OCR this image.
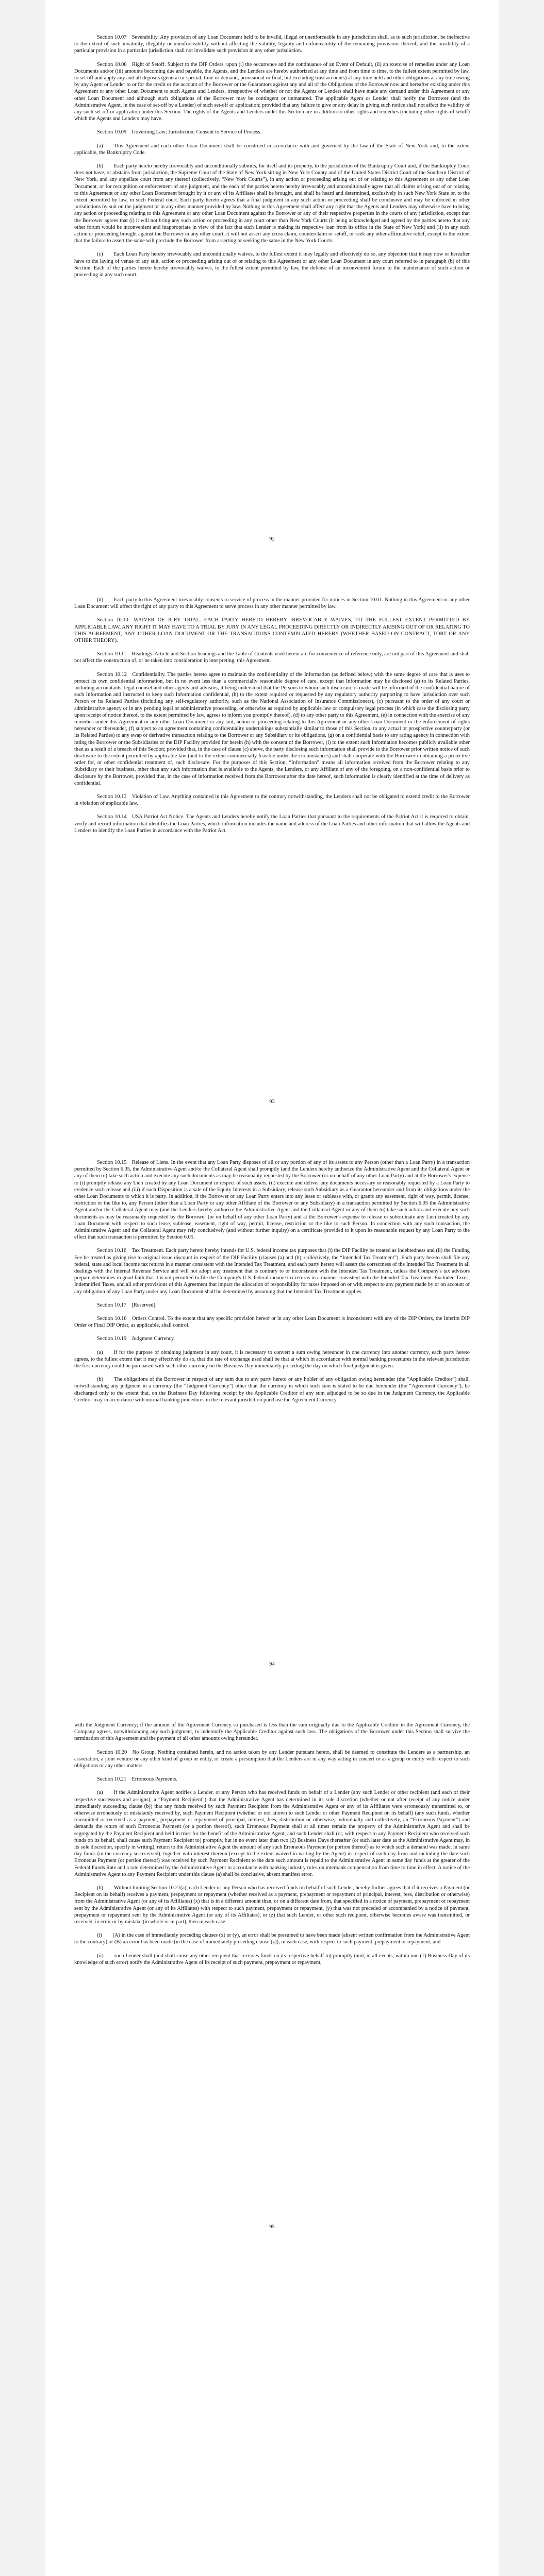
Section 10.07 Severability. Any provision of any Loan Document held to be invalid, illegal or unenforceable in any jurisdiction shall, as to such jurisdiction, be ineffective to the extent of such invalidity, illegality or unenforceability without affecting the validity, legality and enforceability of the remaining provisions thereof; and the invalidity of a particular provision in a particular jurisdiction shall not invalidate such provision in any other jurisdiction.

Section 10.08 Right of Setoff. Subject to the DIP Orders, upon (i) the occurrence and the continuance of an Event of Default, (ii) an exercise of remedies under any Loan Documents and/or (iii) amounts becoming due and payable, the Agents, and the Lenders are hereby authorized at any time and from time to time, to the fullest extent permitted by law, to set off and apply any and all deposits (general or special, time or demand, provisional or final, but excluding trust accounts) at any time held and other obligations at any time owing by any Agent or Lender to or for the credit or the account of the Borrower or the Guarantors against any and all of the Obligations of the Borrower now and hereafter existing under this Agreement or any other Loan Document to such Agents and Lenders, irrespective of whether or not the Agents or Lenders shall have made any demand under this Agreement or any other Loan Document and although such obligations of the Borrower may be contingent or unmatured. The applicable Agent or Lender shall notify the Borrower (and the Administrative Agent, in the case of set-off by a Lender) of such set-off or application; provided that any failure to give or any delay in giving such notice shall not affect the validity of any such set-off or application under this Section. The rights of the Agents and Lenders under this Section are in addition to other rights and remedies (including other rights of setoff) which the Agents and Lenders may have.

Section 10.09 Governing Law; Jurisdiction; Consent to Service of Process.

(a)  This Agreement and each other Loan Document shall be construed in accordance with and governed by the law of the State of New York and, to the extent applicable, the Bankruptcy Code.

(b)  Each party hereto hereby irrevocably and unconditionally submits, for itself and its property, to the jurisdiction of the Bankruptcy Court and, if the Bankruptcy Court does not have, or abstains from jurisdiction, the Supreme Court of the State of New York sitting in New York County and of the United States District Court of the Southern District of New York, and any appellate court from any thereof (collectively, “New York Courts”), in any action or proceeding arising out of or relating to this Agreement or any other Loan Document, or for recognition or enforcement of any judgment, and the each of the parties hereto hereby irrevocably and unconditionally agree that all claims arising out of or relating to this Agreement or any other Loan Document brought by it or any of its Affiliates shall be brought, and shall be heard and determined, exclusively in such New York State or, to the extent permitted by law, in such Federal court. Each party hereto agrees that a final judgment in any such action or proceeding shall be conclusive and may be enforced in other jurisdictions by suit on the judgment or in any other manner provided by law. Nothing in this Agreement shall affect any right that the Agents and Lenders may otherwise have to bring any action or proceeding relating to this Agreement or any other Loan Document against the Borrower or any of their respective properties in the courts of any jurisdiction, except that the Borrower agrees that (i) it will not bring any such action or proceeding in any court other than New York Courts (it being acknowledged and agreed by the parties hereto that any other forum would be inconvenient and inappropriate in view of the fact that such Lender is making its respective loan from its office in the State of New York) and (ii) in any such action or proceeding brought against the Borrower in any other court, it will not assert any cross claim, counterclaim or setoff, or seek any other affirmative relief, except to the extent that the failure to assert the same will preclude the Borrower from asserting or seeking the same in the New York Courts.

(c)  Each Loan Party hereby irrevocably and unconditionally waives, to the fullest extent it may legally and effectively do so, any objection that it may now or hereafter have to the laying of venue of any suit, action or proceeding arising out of or relating to this Agreement or any other Loan Document in any court referred to in paragraph (b) of this Section. Each of the parties hereto hereby irrevocably waives, to the fullest extent permitted by law, the defense of an inconvenient forum to the maintenance of such action or proceeding in any such court.

92

(d)  Each party to this Agreement irrevocably consents to service of process in the manner provided for notices in Section 10.01. Nothing in this Agreement or any other Loan Document will affect the right of any party to this Agreement to serve process in any other manner permitted by law.

Section 10.10 WAIVER OF JURY TRIAL. EACH PARTY HERETO HEREBY IRREVOCABLY WAIVES, TO THE FULLEST EXTENT PERMITTED BY APPLICABLE LAW, ANY RIGHT IT MAY HAVE TO A TRIAL BY JURY IN ANY LEGAL PROCEEDING DIRECTLY OR INDIRECTLY ARISING OUT OF OR RELATING TO THIS AGREEMENT, ANY OTHER LOAN DOCUMENT OR THE TRANSACTIONS CONTEMPLATED HEREBY (WHETHER BASED ON CONTRACT, TORT OR ANY OTHER THEORY).

Section 10.11 Headings. Article and Section headings and the Table of Contents used herein are for convenience of reference only, are not part of this Agreement and shall not affect the construction of, or be taken into consideration in interpreting, this Agreement.

Section 10.12 Confidentiality. The parties hereto agree to maintain the confidentiality of the Information (as defined below) with the same degree of care that is uses to protect its own confidential information, but in no event less than a commercially reasonable degree of care, except that Information may be disclosed (a) to its Related Parties, including accountants, legal counsel and other agents and advisors, it being understood that the Persons to whom such disclosure is made will be informed of the confidential nature of such Information and instructed to keep such Information confidential, (b) to the extent required or requested by any regulatory authority purporting to have jurisdiction over such Person or its Related Parties (including any self-regulatory authority, such as the National Association of Insurance Commissioners), (c) pursuant to the order of any court or administrative agency or in any pending legal or administrative proceeding, or otherwise as required by applicable law or compulsory legal process (in which case the disclosing party upon receipt of notice thereof, to the extent permitted by law, agrees to inform you promptly thereof), (d) to any other party to this Agreement, (e) in connection with the exercise of any remedies under this Agreement or any other Loan Document or any suit, action or proceeding relating to this Agreement or any other Loan Document or the enforcement of rights hereunder or thereunder, (f) subject to an agreement containing confidentiality undertakings substantially similar to those of this Section, to any actual or prospective counterparty (or its Related Parties) to any swap or derivative transaction relating to the Borrower or any Subsidiary or its obligations, (g) on a confidential basis to any rating agency in connection with rating the Borrower or the Subsidiaries or the DIP Facility provided for herein (h) with the consent of the Borrower, (i) to the extent such Information becomes publicly available other than as a result of a breach of this Section; provided that, in the case of clause (c) above, the party disclosing such information shall provide to the Borrower prior written notice of such disclosure to the extent permitted by applicable law (and to the extent commercially feasible under the circumstances) and shall cooperate with the Borrower in obtaining a protective order for, or other confidential treatment of, such disclosure. For the purposes of this Section, “Information” means all information received from the Borrower relating to any Subsidiary or their business, other than any such information that is available to the Agents, the Lenders, or any Affiliate of any of the foregoing, on a non-confidential basis prior to disclosure by the Borrower, provided that, in the case of information received from the Borrower after the date hereof, such information is clearly identified at the time of delivery as confidential.

Section 10.13 Violation of Law. Anything contained in this Agreement to the contrary notwithstanding, the Lenders shall not be obligated to extend credit to the Borrower in violation of applicable law.

Section 10.14 USA Patriot Act Notice. The Agents and Lenders hereby notify the Loan Parties that pursuant to the requirements of the Patriot Act it is required to obtain, verify and record information that identifies the Loan Parties, which information includes the name and address of the Loan Parties and other information that will allow the Agents and Lenders to identify the Loan Parties in accordance with the Patriot Act.

93

Section 10.15 Release of Liens. In the event that any Loan Party disposes of all or any portion of any of its assets to any Person (other than a Loan Party) in a transaction permitted by Section 6.05, the Administrative Agent and/or the Collateral Agent shall promptly (and the Lenders hereby authorize the Administrative Agent and the Collateral Agent or any of them to) take such action and execute any such documents as may be reasonably requested by the Borrower (or on behalf of any other Loan Party) and at the Borrower's expense to (i) promptly release any Lien created by any Loan Document in respect of such assets, (ii) execute and deliver any documents necessary or reasonably requested by a Loan Party to evidence such release and (iii) if such Disposition is a sale of the Equity Interests in a Subsidiary, release such Subsidiary as a Guarantor hereunder and from its obligations under the other Loan Documents to which it is party. In addition, if the Borrower or any Loan Party enters into any lease or sublease with, or grants any easement, right of way, permit, license, restriction or the like to, any Person (other than a Loan Party or any other Affiliate of the Borrower or any Subsidiary) in a transaction permitted by Section 6.05 the Administrative Agent and/or the Collateral Agent may (and the Lenders hereby authorize the Administrative Agent and the Collateral Agent or any of them to) take such action and execute any such documents as may be reasonably requested by the Borrower (or on behalf of any other Loan Party) and at the Borrower's expense to release or subordinate any Lien created by any Loan Document with respect to such lease, sublease, easement, right of way, permit, license, restriction or the like to such Person. In connection with any such transaction, the Administrative Agent and the Collateral Agent may rely conclusively (and without further inquiry) on a certificate provided to it upon its reasonable request by any Loan Party to the effect that such transaction is permitted by Section 6.05.

Section 10.16 Tax Treatment. Each party hereto hereby intends for U.S. federal income tax purposes that (i) the DIP Facility be treated as indebtedness and (ii) the Funding Fee be treated as giving rise to original issue discount in respect of the DIP Facility (clauses (a) and (b), collectively, the “Intended Tax Treatment”). Each party hereto shall file any federal, state and local income tax returns in a manner consistent with the Intended Tax Treatment, and each party hereto will assert the correctness of the Intended Tax Treatment in all dealings with the Internal Revenue Service and will not adopt any treatment that is contrary to or inconsistent with the Intended Tax Treatment, unless the Company's tax advisors prepare determines in good faith that it is not permitted to file the Company's U.S. federal income tax returns in a manner consistent with the Intended Tax Treatment. Excluded Taxes, Indemnified Taxes, and all other provisions of this Agreement that impact the allocation of responsibility for taxes imposed on or with respect to any payment made by or on account of any obligation of any Loan Party under any Loan Document shall be determined by assuming that the Intended Tax Treatment applies.

Section 10.17 [Reserved].

Section 10.18 Orders Control. To the extent that any specific provision hereof or in any other Loan Document is inconsistent with any of the DIP Orders, the Interim DIP Order or Final DIP Order, as applicable, shall control.

Section 10.19 Judgment Currency.

(a)  If for the purpose of obtaining judgment in any court, it is necessary to convert a sum owing hereunder in one currency into another currency, each party hereto agrees, to the fullest extent that it may effectively do so, that the rate of exchange used shall be that at which in accordance with normal banking procedures in the relevant jurisdiction the first currency could be purchased with such other currency on the Business Day immediately preceding the day on which final judgment is given.

(b)  The obligations of the Borrower in respect of any sum due to any party hereto or any holder of any obligation owing hereunder (the “Applicable Creditor”) shall, notwithstanding any judgment in a currency (the “Judgment Currency”) other than the currency in which such sum is stated to be due hereunder (the “Agreement Currency”), be discharged only to the extent that, on the Business Day following receipt by the Applicable Creditor of any sum adjudged to be so due in the Judgment Currency, the Applicable Creditor may in accordance with normal banking procedures in the relevant jurisdiction purchase the Agreement Currency

94

with the Judgment Currency; if the amount of the Agreement Currency so purchased is less than the sum originally due to the Applicable Creditor in the Agreement Currency, the Company agrees, notwithstanding any such judgment, to indemnify the Applicable Creditor against such loss. The obligations of the Borrower under this Section shall survive the termination of this Agreement and the payment of all other amounts owing hereunder.

Section 10.20 No Group. Nothing contained herein, and no action taken by any Lender pursuant hereto, shall be deemed to constitute the Lenders as a partnership, an association, a joint venture or any other kind of group or entity, or create a presumption that the Lenders are in any way acting in concert or as a group or entity with respect to such obligations or any other matters.

Section 10.21 Erroneous Payments.

(a)  If the Administrative Agent notifies a Lender, or any Person who has received funds on behalf of a Lender (any such Lender or other recipient (and each of their respective successors and assigns), a “Payment Recipient”) that the Administrative Agent has determined in its sole discretion (whether or not after receipt of any notice under immediately succeeding clause (b)) that any funds received by such Payment Recipient from the Administrative Agent or any of its Affiliates were erroneously transmitted to, or otherwise erroneously or mistakenly received by, such Payment Recipient (whether or not known to such Lender or other Payment Recipient on its behalf) (any such funds, whether transmitted or received as a payment, prepayment or repayment of principal, interest, fees, distribution or otherwise, individually and collectively, an “Erroneous Payment”) and demands the return of such Erroneous Payment (or a portion thereof), such Erroneous Payment shall at all times remain the property of the Administrative Agent and shall be segregated by the Payment Recipient and held in trust for the benefit of the Administrative Agent, and such Lender shall (or, with respect to any Payment Recipient who received such funds on its behalf, shall cause such Payment Recipient to) promptly, but in no event later than two (2) Business Days thereafter (or such later date as the Administrative Agent may, in its sole discretion, specify in writing), return to the Administrative Agent the amount of any such Erroneous Payment (or portion thereof) as to which such a demand was made, in same day funds (in the currency so received), together with interest thereon (except to the extent waived in writing by the Agent) in respect of each day from and including the date such Erroneous Payment (or portion thereof) was received by such Payment Recipient to the date such amount is repaid to the Administrative Agent in same day funds at the greater of the Federal Funds Rate and a rate determined by the Administrative Agent in accordance with banking industry rules on interbank compensation from time to time in effect. A notice of the Administrative Agent to any Payment Recipient under this clause (a) shall be conclusive, absent manifest error.

(b)  Without limiting Section 10.21(a), each Lender or any Person who has received funds on behalf of such Lender, hereby further agrees that if it receives a Payment (or Recipient on its behalf) receives a payment, prepayment or repayment (whether received as a payment, prepayment or repayment of principal, interest, fees, distribution or otherwise) from the Administrative Agent (or any of its Affiliates) (x) that is in a different amount than, or on a different date from, that specified in a notice of payment, prepayment or repayment sent by the Administrative Agent (or any of its Affiliates) with respect to such payment, prepayment or repayment, (y) that was not preceded or accompanied by a notice of payment, prepayment or repayment sent by the Administrative Agent (or any of its Affiliates), or (z) that such Lender, or other such recipient, otherwise becomes aware was transmitted, or received, in error or by mistake (in whole or in part), then in each case:

(i)  (A) in the case of immediately preceding clauses (x) or (y), an error shall be presumed to have been made (absent written confirmation from the Administrative Agent to the contrary) or (B) an error has been made (in the case of immediately preceding clause (z)), in each case, with respect to such payment, prepayment or repayment; and

(ii)  such Lender shall (and shall cause any other recipient that receives funds on its respective behalf to) promptly (and, in all events, within one (1) Business Day of its knowledge of such error) notify the Administrative Agent of its receipt of such payment, prepayment or repayment,

95
